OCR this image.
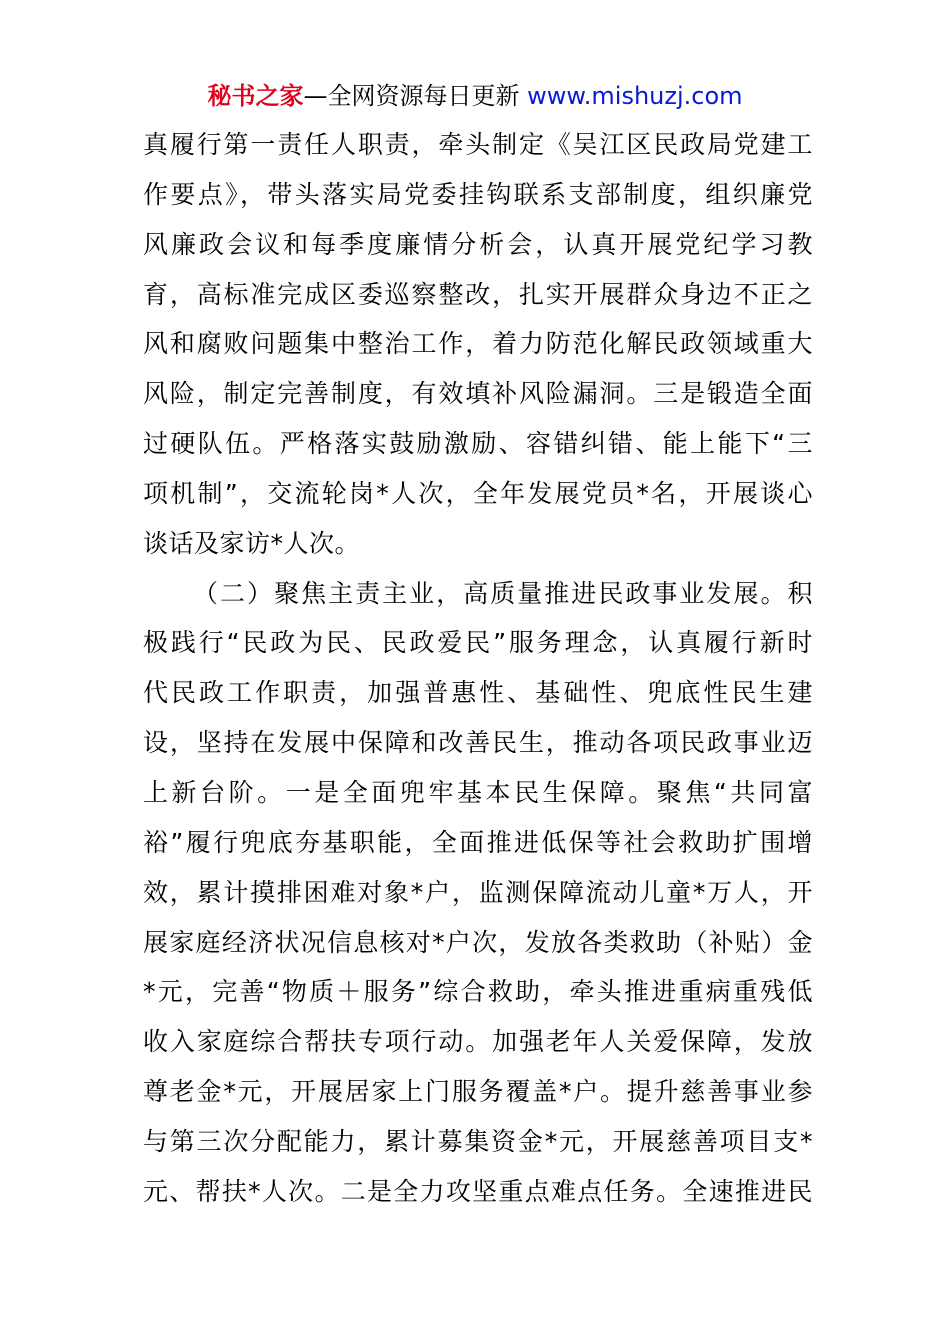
秘书之家—全网资源每日更新 www.mishuzj.com
真履行第一责任人职责，牵头制定《吴江区民政局党建工
作要点》，带头落实局党委挂钩联系支部制度，组织廉党
风廉政会议和每季度廉情分析会，认真开展党纪学习教
育，高标准完成区委巡察整改，扎实开展群众身边不正之
风和腐败问题集中整治工作，着力防范化解民政领域重大
风险，制定完善制度，有效填补风险漏洞。三是锻造全面
过硬队伍。严格落实鼓励激励、容错纠错、能上能下“三
项机制”，交流轮岗*人次，全年发展党员*名，开展谈心
谈话及家访*人次。
（二）聚焦主责主业，高质量推进民政事业发展。积
极践行“民政为民、民政爱民”服务理念，认真履行新时
代民政工作职责，加强普惠性、基础性、兜底性民生建
设，坚持在发展中保障和改善民生，推动各项民政事业迈
上新台阶。一是全面兜牢基本民生保障。聚焦“共同富
裕”履行兜底夯基职能，全面推进低保等社会救助扩围增
效，累计摸排困难对象*户，监测保障流动儿童*万人，开
展家庭经济状况信息核对*户次，发放各类救助（补贴）金
*元，完善“物质＋服务”综合救助，牵头推进重病重残低
收入家庭综合帮扶专项行动。加强老年人关爱保障，发放
尊老金*元，开展居家上门服务覆盖*户。提升慈善事业参
与第三次分配能力，累计募集资金*元，开展慈善项目支*
元、帮扶*人次。二是全力攻坚重点难点任务。全速推进民
